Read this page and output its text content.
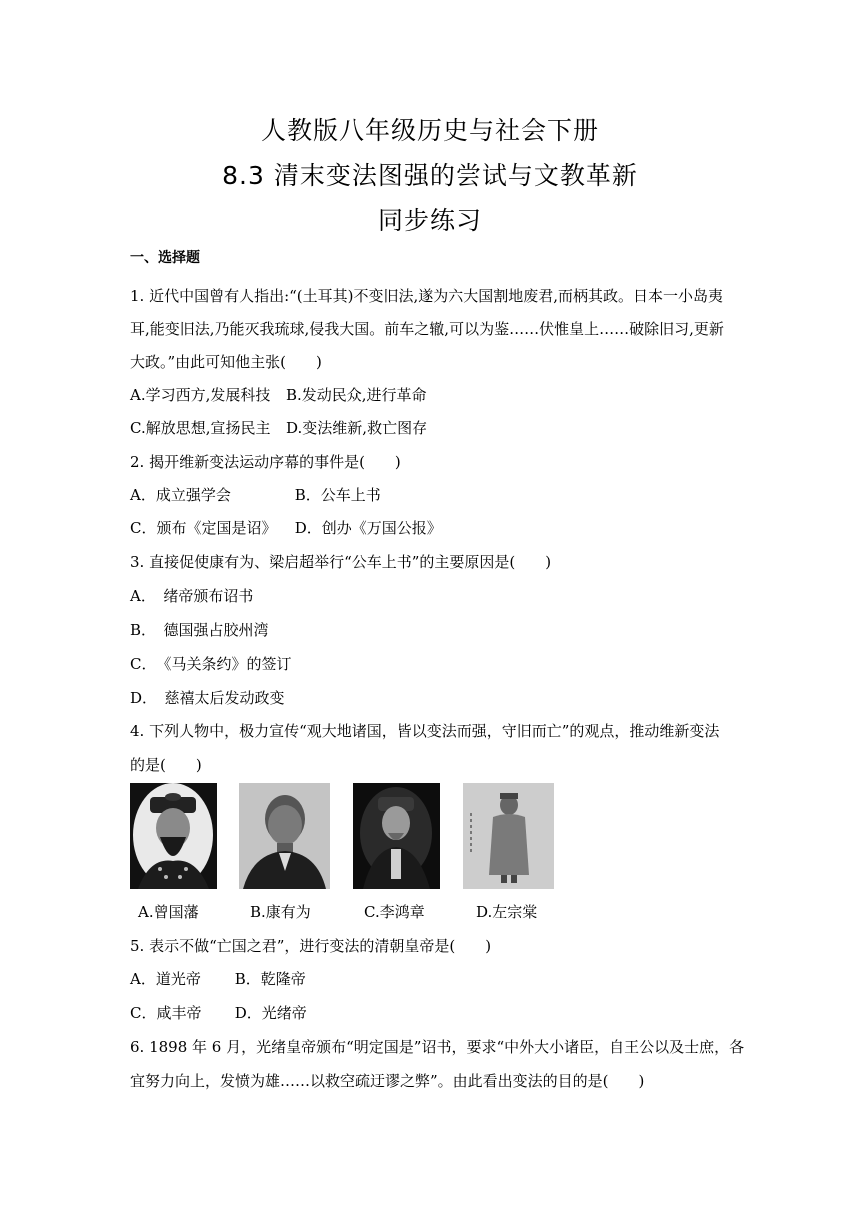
人教版八年级历史与社会下册
8.3 清末变法图强的尝试与文教革新
同步练习
一、选择题
1. 近代中国曾有人指出:“(土耳其)不变旧法,遂为六大国割地废君,而柄其政。日本一小岛夷
耳,能变旧法,乃能灭我琉球,侵我大国。前车之辙,可以为鉴……伏惟皇上……破除旧习,更新
大政。”由此可知他主张(　　)
A.学习西方,发展科技 B.发动民众,进行革命
C.解放思想,宣扬民主 D.变法维新,救亡图存
2. 揭开维新变法运动序幕的事件是(　　)
A．成立强学会	B．公车上书
C．颁布《定国是诏》 D．创办《万国公报》
3. 直接促使康有为、梁启超举行“公车上书”的主要原因是(　　)
A．　绪帝颁布诏书
B．　德国强占胶州湾
C．　《马关条约》的签订
D．　慈禧太后发动政变
4. 下列人物中，极力宣传“观大地诸国，皆以变法而强，守旧而亡”的观点，推动维新变法
的是(　　)
A.曾国藩	B.康有为	C.李鸿章	D.左宗棠
5. 表示不做“亡国之君”，进行变法的清朝皇帝是(　　)
A．道光帝 B．乾隆帝
C．咸丰帝 D．光绪帝
6. 1898 年 6 月，光绪皇帝颁布“明定国是”诏书，要求“中外大小诸臣，自王公以及士庶，各
宜努力向上，发愤为雄……以救空疏迂谬之弊”。由此看出变法的目的是(　　)
